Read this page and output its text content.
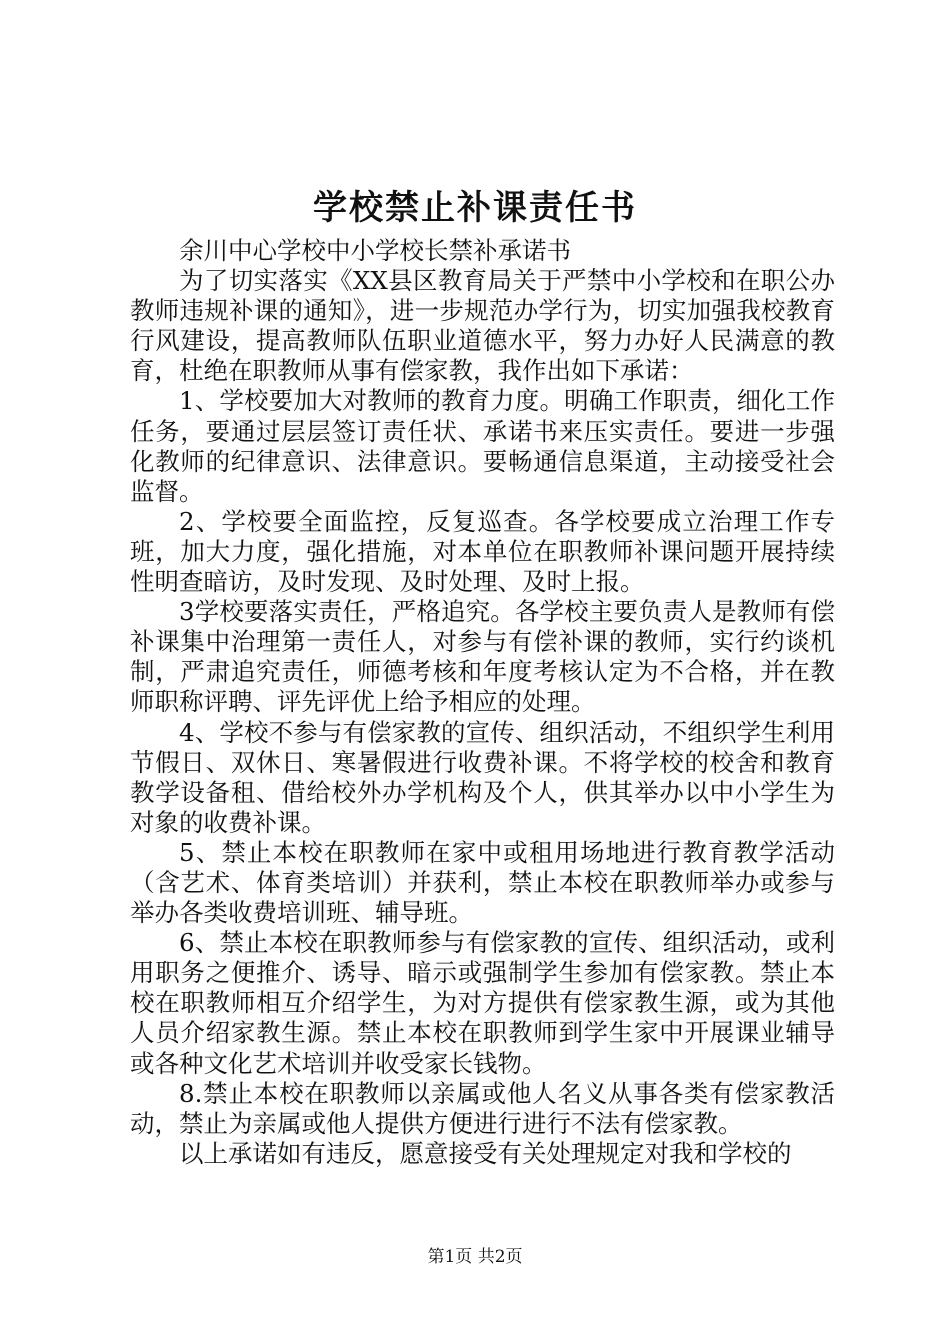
学校禁止补课责任书

余川中心学校中小学校长禁补承诺书

为了切实落实《XX县区教育局关于严禁中小学校和在职公办教师违规补课的通知》，进一步规范办学行为，切实加强我校教育行风建设，提高教师队伍职业道德水平，努力办好人民满意的教育，杜绝在职教师从事有偿家教，我作出如下承诺：

1、学校要加大对教师的教育力度。明确工作职责，细化工作任务，要通过层层签订责任状、承诺书来压实责任。要进一步强化教师的纪律意识、法律意识。要畅通信息渠道，主动接受社会监督。

2、学校要全面监控，反复巡查。各学校要成立治理工作专班，加大力度，强化措施，对本单位在职教师补课问题开展持续性明查暗访，及时发现、及时处理、及时上报。

3学校要落实责任，严格追究。各学校主要负责人是教师有偿补课集中治理第一责任人，对参与有偿补课的教师，实行约谈机制，严肃追究责任，师德考核和年度考核认定为不合格，并在教师职称评聘、评先评优上给予相应的处理。

4、学校不参与有偿家教的宣传、组织活动，不组织学生利用节假日、双休日、寒暑假进行收费补课。不将学校的校舍和教育教学设备租、借给校外办学机构及个人，供其举办以中小学生为对象的收费补课。

5、禁止本校在职教师在家中或租用场地进行教育教学活动（含艺术、体育类培训）并获利，禁止本校在职教师举办或参与举办各类收费培训班、辅导班。

6、禁止本校在职教师参与有偿家教的宣传、组织活动，或利用职务之便推介、诱导、暗示或强制学生参加有偿家教。禁止本校在职教师相互介绍学生，为对方提供有偿家教生源，或为其他人员介绍家教生源。禁止本校在职教师到学生家中开展课业辅导或各种文化艺术培训并收受家长钱物。

8.禁止本校在职教师以亲属或他人名义从事各类有偿家教活动，禁止为亲属或他人提供方便进行进行不法有偿家教。

以上承诺如有违反，愿意接受有关处理规定对我和学校的

第1页 共2页
